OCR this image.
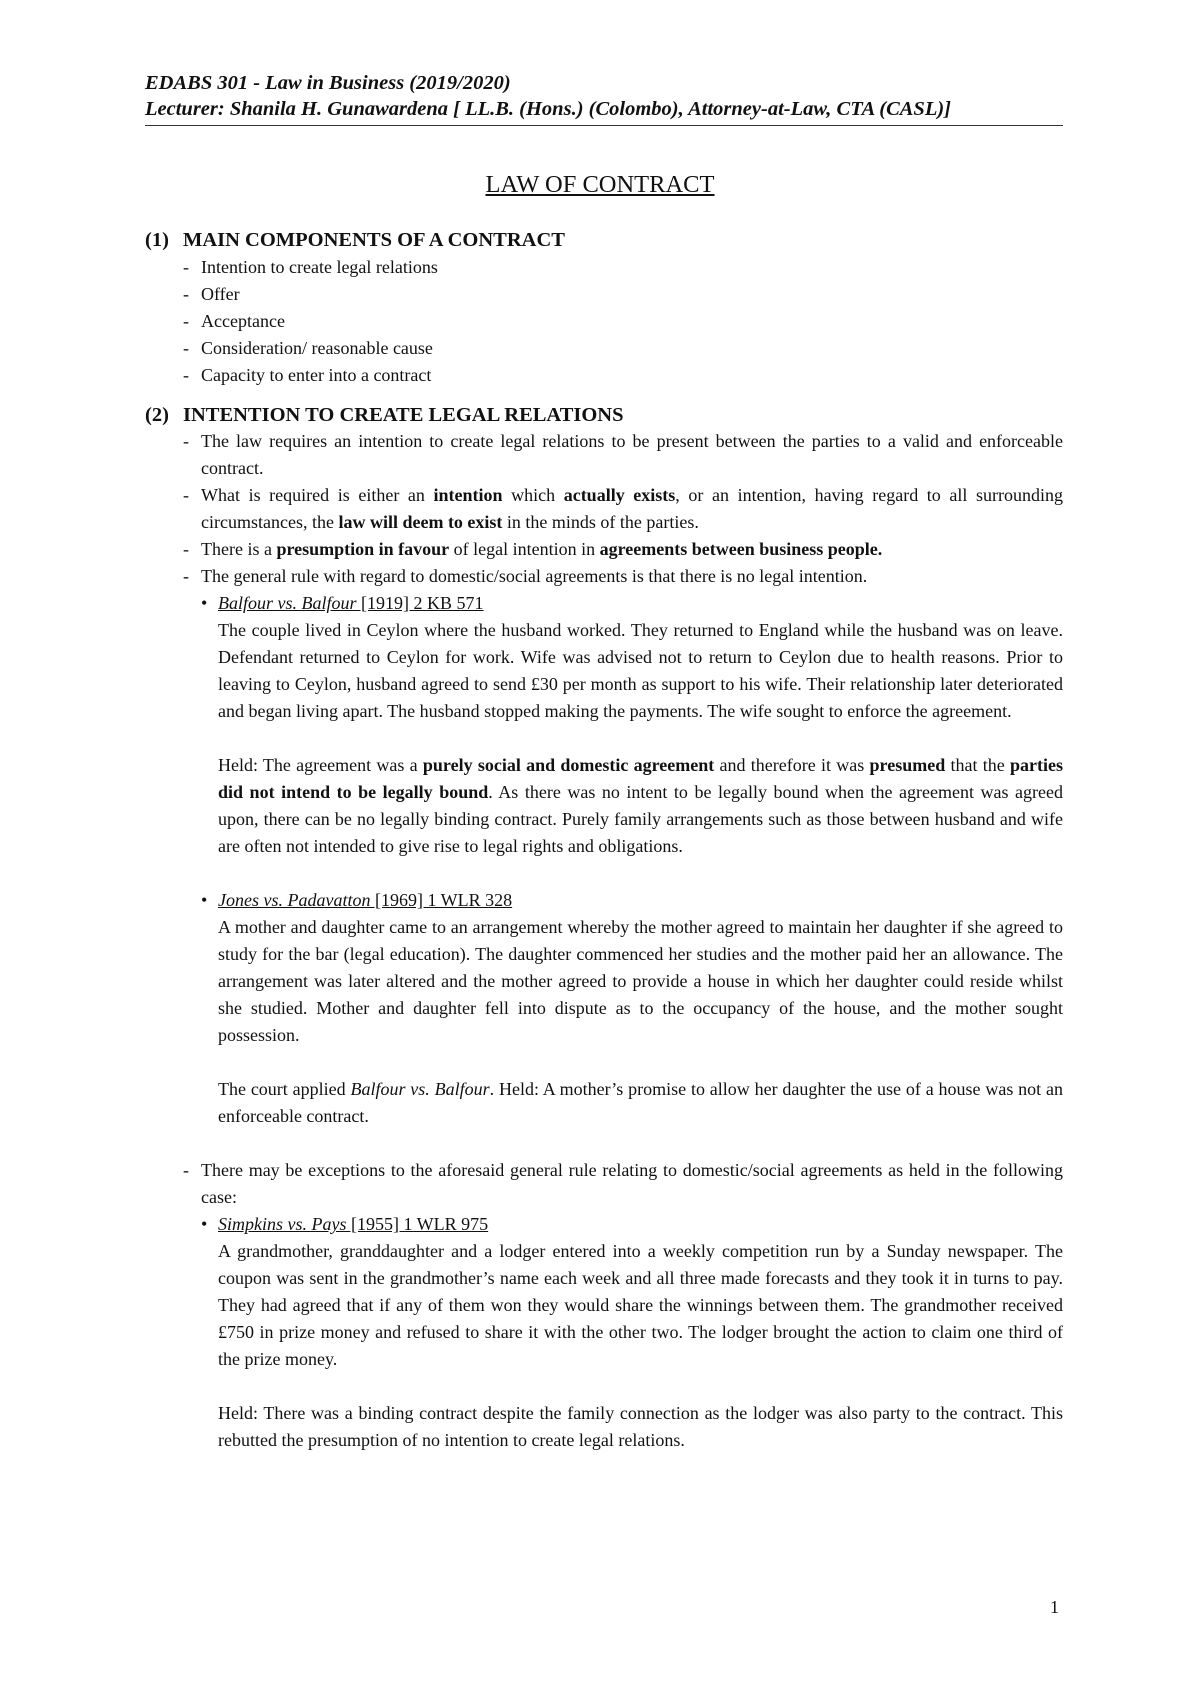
EDABS 301 - Law in Business (2019/2020)
Lecturer: Shanila H. Gunawardena [ LL.B. (Hons.) (Colombo), Attorney-at-Law, CTA (CASL)]
LAW OF CONTRACT
(1) MAIN COMPONENTS OF A CONTRACT
- Intention to create legal relations
- Offer
- Acceptance
- Consideration/ reasonable cause
- Capacity to enter into a contract
(2) INTENTION TO CREATE LEGAL RELATIONS
- The law requires an intention to create legal relations to be present between the parties to a valid and enforceable contract.
- What is required is either an intention which actually exists, or an intention, having regard to all surrounding circumstances, the law will deem to exist in the minds of the parties.
- There is a presumption in favour of legal intention in agreements between business people.
- The general rule with regard to domestic/social agreements is that there is no legal intention.
• Balfour vs. Balfour [1919] 2 KB 571
The couple lived in Ceylon where the husband worked. They returned to England while the husband was on leave. Defendant returned to Ceylon for work. Wife was advised not to return to Ceylon due to health reasons. Prior to leaving to Ceylon, husband agreed to send £30 per month as support to his wife. Their relationship later deteriorated and began living apart. The husband stopped making the payments. The wife sought to enforce the agreement.
Held: The agreement was a purely social and domestic agreement and therefore it was presumed that the parties did not intend to be legally bound. As there was no intent to be legally bound when the agreement was agreed upon, there can be no legally binding contract. Purely family arrangements such as those between husband and wife are often not intended to give rise to legal rights and obligations.
• Jones vs. Padavatton [1969] 1 WLR 328
A mother and daughter came to an arrangement whereby the mother agreed to maintain her daughter if she agreed to study for the bar (legal education). The daughter commenced her studies and the mother paid her an allowance. The arrangement was later altered and the mother agreed to provide a house in which her daughter could reside whilst she studied. Mother and daughter fell into dispute as to the occupancy of the house, and the mother sought possession.
The court applied Balfour vs. Balfour. Held: A mother’s promise to allow her daughter the use of a house was not an enforceable contract.
- There may be exceptions to the aforesaid general rule relating to domestic/social agreements as held in the following case:
• Simpkins vs. Pays [1955] 1 WLR 975
A grandmother, granddaughter and a lodger entered into a weekly competition run by a Sunday newspaper. The coupon was sent in the grandmother’s name each week and all three made forecasts and they took it in turns to pay. They had agreed that if any of them won they would share the winnings between them. The grandmother received £750 in prize money and refused to share it with the other two. The lodger brought the action to claim one third of the prize money.
Held: There was a binding contract despite the family connection as the lodger was also party to the contract. This rebutted the presumption of no intention to create legal relations.
1
